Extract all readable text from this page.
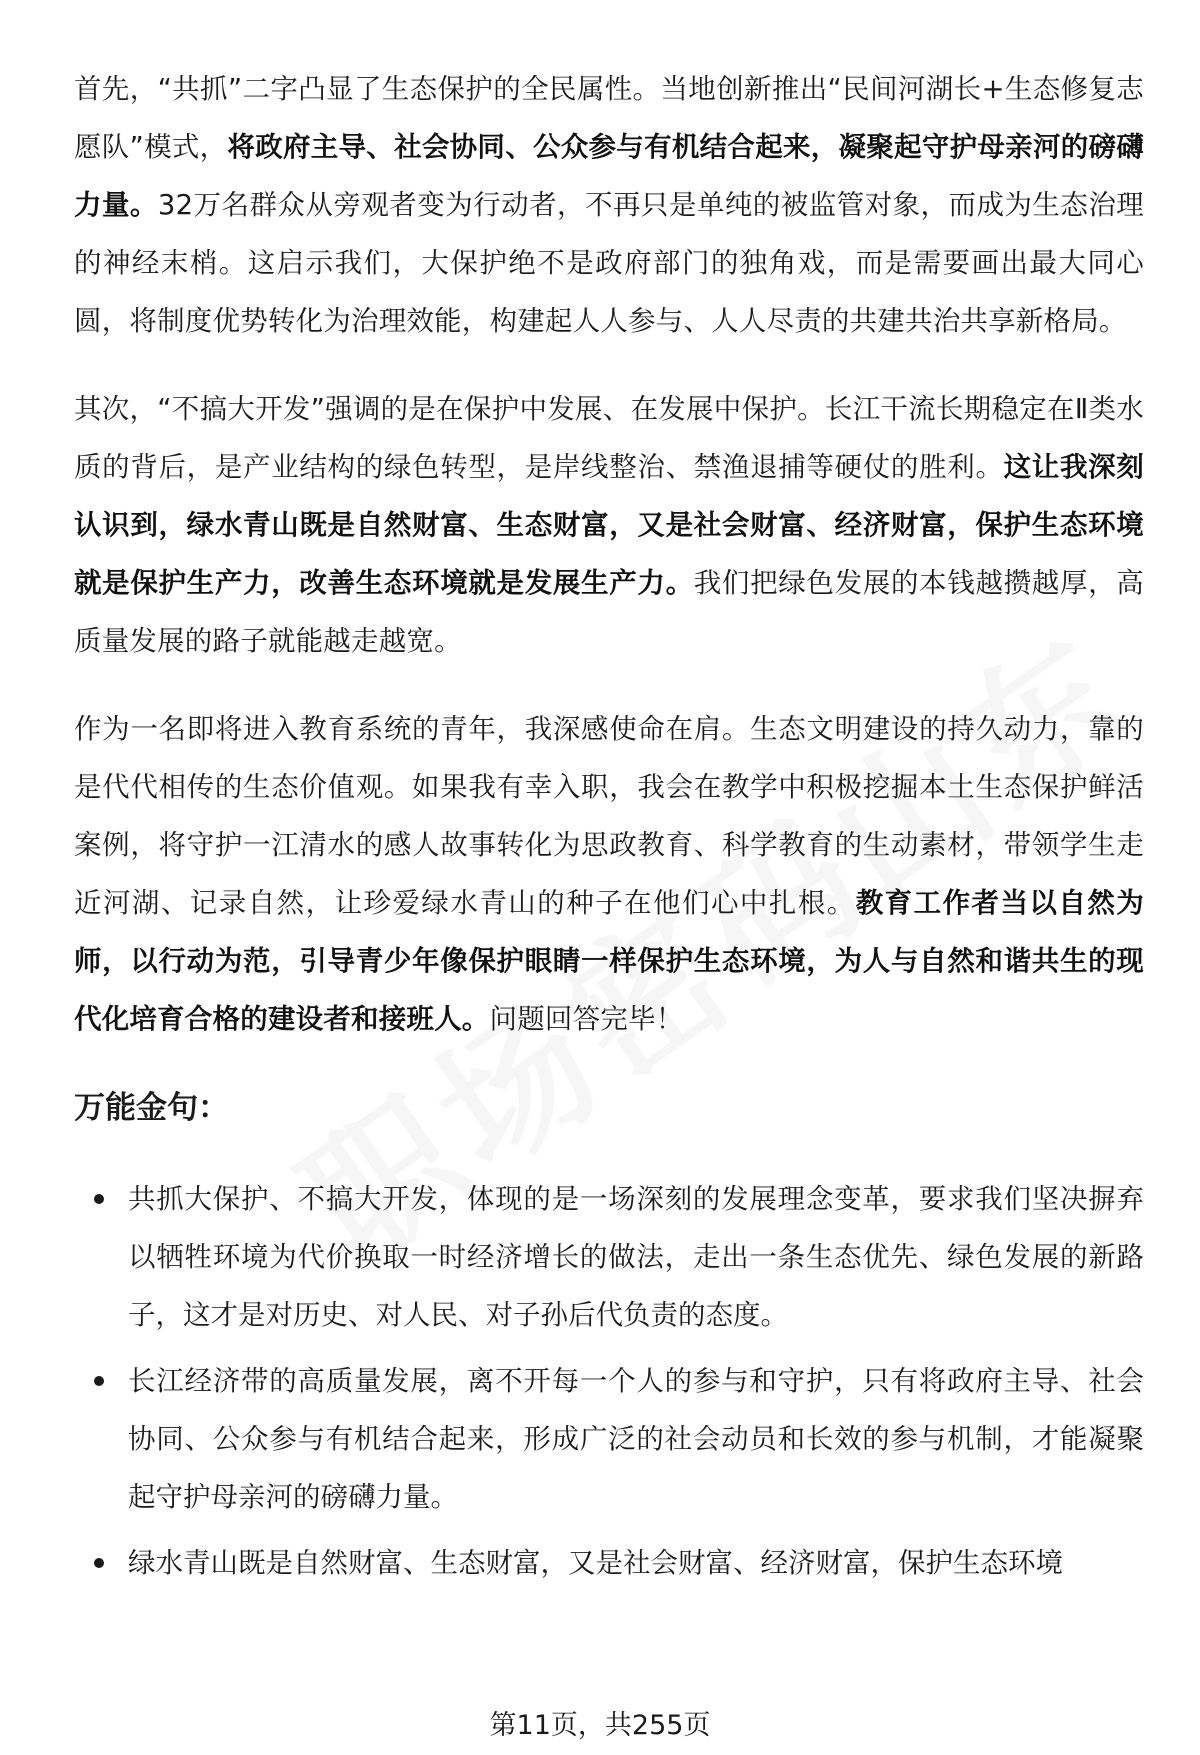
首先，“共抓”二字凸显了生态保护的全民属性。当地创新推出“民间河湖长+生态修复志愿队”模式，将政府主导、社会协同、公众参与有机结合起来，凝聚起守护母亲河的磅礴力量。32万名群众从旁观者变为行动者，不再只是单纯的被监管对象，而成为生态治理的神经末梢。这启示我们，大保护绝不是政府部门的独角戏，而是需要画出最大同心圆，将制度优势转化为治理效能，构建起人人参与、人人尽责的共建共治共享新格局。

其次，“不搞大开发”强调的是在保护中发展、在发展中保护。长江干流长期稳定在Ⅱ类水质的背后，是产业结构的绿色转型，是岸线整治、禁渔退捕等硬仗的胜利。这让我深刻认识到，绿水青山既是自然财富、生态财富，又是社会财富、经济财富，保护生态环境就是保护生产力，改善生态环境就是发展生产力。我们把绿色发展的本钱越攒越厚，高质量发展的路子就能越走越宽。

作为一名即将进入教育系统的青年，我深感使命在肩。生态文明建设的持久动力，靠的是代代相传的生态价值观。如果我有幸入职，我会在教学中积极挖掘本土生态保护鲜活案例，将守护一江清水的感人故事转化为思政教育、科学教育的生动素材，带领学生走近河湖、记录自然，让珍爱绿水青山的种子在他们心中扎根。教育工作者当以自然为师，以行动为范，引导青少年像保护眼睛一样保护生态环境，为人与自然和谐共生的现代化培育合格的建设者和接班人。问题回答完毕！

万能金句：
共抓大保护、不搞大开发，体现的是一场深刻的发展理念变革，要求我们坚决摒弃以牺牲环境为代价换取一时经济增长的做法，走出一条生态优先、绿色发展的新路子，这才是对历史、对人民、对子孙后代负责的态度。
长江经济带的高质量发展，离不开每一个人的参与和守护，只有将政府主导、社会协同、公众参与有机结合起来，形成广泛的社会动员和长效的参与机制，才能凝聚起守护母亲河的磅礴力量。
绿水青山既是自然财富、生态财富，又是社会财富、经济财富，保护生态环境
第11页，共255页
